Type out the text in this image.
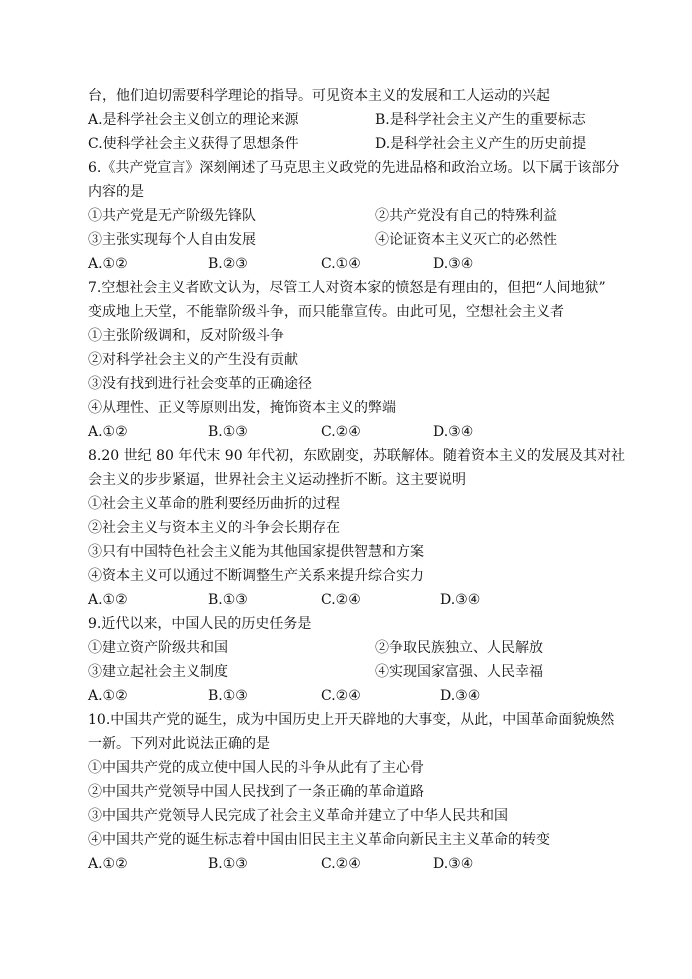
台，他们迫切需要科学理论的指导。可见资本主义的发展和工人运动的兴起
A.是科学社会主义创立的理论来源	B.是科学社会主义产生的重要标志
C.使科学社会主义获得了思想条件	D.是科学社会主义产生的历史前提
6.《共产党宣言》深刻阐述了马克思主义政党的先进品格和政治立场。以下属于该部分
内容的是
①共产党是无产阶级先锋队	②共产党没有自己的特殊利益
③主张实现每个人自由发展	④论证资本主义灭亡的必然性
A.①②	B.②③	C.①④	D.③④
7.空想社会主义者欧文认为，尽管工人对资本家的愤怒是有理由的，但把“人间地狱”
变成地上天堂，不能靠阶级斗争，而只能靠宣传。由此可见，空想社会主义者
①主张阶级调和，反对阶级斗争
②对科学社会主义的产生没有贡献
③没有找到进行社会变革的正确途径
④从理性、正义等原则出发，掩饰资本主义的弊端
A.①②	B.①③	C.②④	D.③④
8.20 世纪 80 年代末 90 年代初，东欧剧变，苏联解体。随着资本主义的发展及其对社
会主义的步步紧逼，世界社会主义运动挫折不断。这主要说明
①社会主义革命的胜利要经历曲折的过程
②社会主义与资本主义的斗争会长期存在
③只有中国特色社会主义能为其他国家提供智慧和方案
④资本主义可以通过不断调整生产关系来提升综合实力
A.①②	B.①③	C.②④	D.③④
9.近代以来，中国人民的历史任务是
①建立资产阶级共和国	②争取民族独立、人民解放
③建立起社会主义制度	④实现国家富强、人民幸福
A.①②	B.①③	C.②④	D.③④
10.中国共产党的诞生，成为中国历史上开天辟地的大事变，从此，中国革命面貌焕然
一新。下列对此说法正确的是
①中国共产党的成立使中国人民的斗争从此有了主心骨
②中国共产党领导中国人民找到了一条正确的革命道路
③中国共产党领导人民完成了社会主义革命并建立了中华人民共和国
④中国共产党的诞生标志着中国由旧民主主义革命向新民主主义革命的转变
A.①②	B.①③	C.②④	D.③④
